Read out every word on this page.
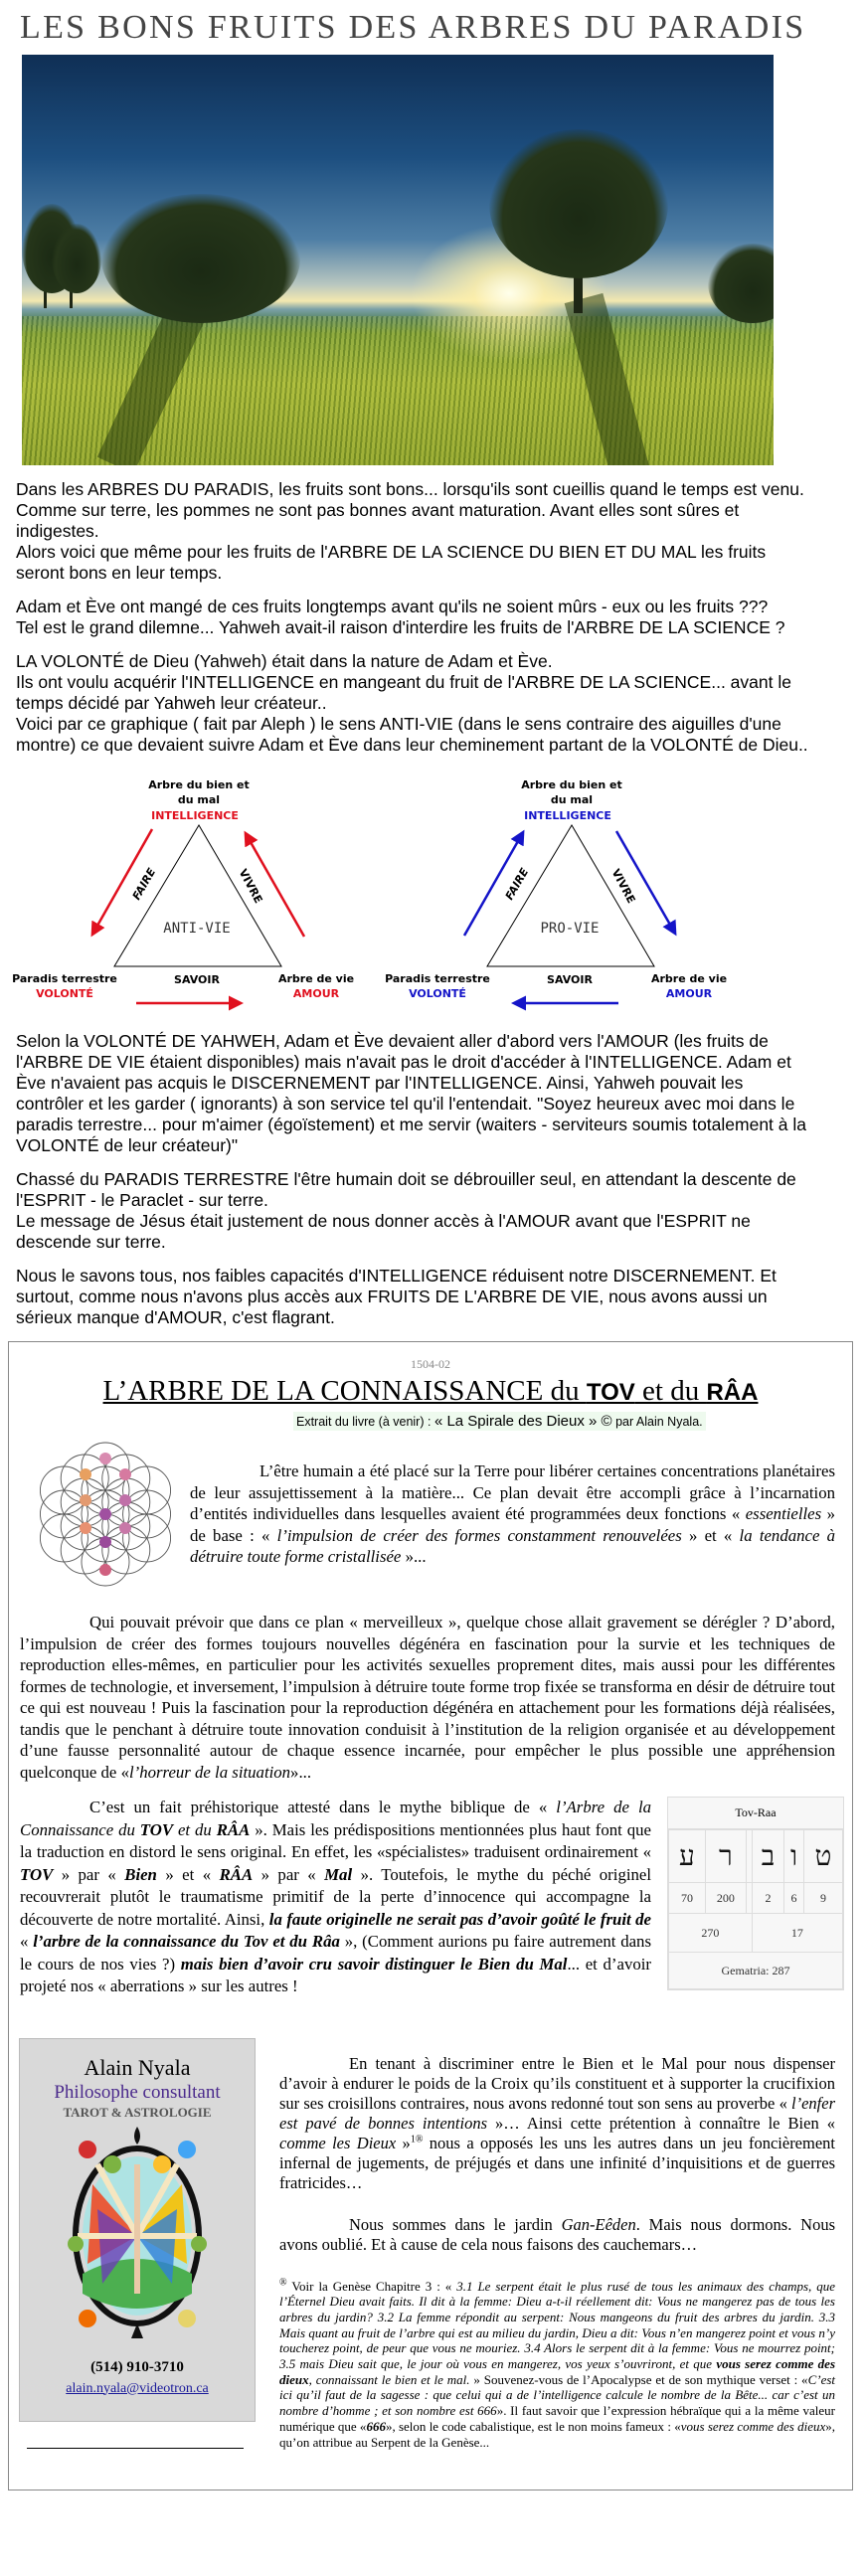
LES BONS FRUITS DES ARBRES DU PARADIS

Dans les ARBRES DU PARADIS, les fruits sont bons... lorsqu'ils sont cueillis quand le temps est venu.
Comme sur terre, les pommes ne sont pas bonnes avant maturation. Avant elles sont sûres et indigestes.
Alors voici que même pour les fruits de l'ARBRE DE LA SCIENCE DU BIEN ET DU MAL les fruits seront bons en leur temps.

Adam et Ève ont mangé de ces fruits longtemps avant qu'ils ne soient mûrs - eux ou les fruits ???
Tel est le grand dilemne... Yahweh avait-il raison d'interdire les fruits de l'ARBRE DE LA SCIENCE ?

LA VOLONTÉ de Dieu (Yahweh) était dans la nature de Adam et Ève.
Ils ont voulu acquérir l'INTELLIGENCE en mangeant du fruit de l'ARBRE DE LA SCIENCE... avant le temps décidé par Yahweh leur créateur..
Voici par ce graphique ( fait par Aleph ) le sens ANTI-VIE (dans le sens contraire des aiguilles d'une montre) ce que devaient suivre Adam et Ève dans leur cheminement partant de la VOLONTÉ de Dieu..

Arbre du bien et
du mal
INTELLIGENCE
FAIRE	VIVRE
ANTI-VIE
Paradis terrestre
VOLONTÉ
SAVOIR	Arbre de vie
AMOUR
Arbre du bien et
du mal
INTELLIGENCE
FAIRE	VIVRE
PRO-VIE
Paradis terrestre
VOLONTÉ
SAVOIR	Arbre de vie
AMOUR

Selon la VOLONTÉ DE YAHWEH, Adam et Ève devaient aller d'abord vers l'AMOUR (les fruits de l'ARBRE DE VIE étaient disponibles) mais n'avait pas le droit d'accéder à l'INTELLIGENCE. Adam et Ève n'avaient pas acquis le DISCERNEMENT par l'INTELLIGENCE. Ainsi, Yahweh pouvait les contrôler et les garder ( ignorants) à son service tel qu'il l'entendait. "Soyez heureux avec moi dans le paradis terrestre... pour m'aimer (égoïstement) et me servir (waiters - serviteurs soumis totalement à la VOLONTÉ de leur créateur)"

Chassé du PARADIS TERRESTRE l'être humain doit se débrouiller seul, en attendant la descente de l'ESPRIT - le Paraclet - sur terre.
Le message de Jésus était justement de nous donner accès à l'AMOUR avant que l'ESPRIT ne descende sur terre.

Nous le savons tous, nos faibles capacités d'INTELLIGENCE réduisent notre DISCERNEMENT. Et surtout, comme nous n'avons plus accès aux FRUITS DE L'ARBRE DE VIE, nous avons aussi un sérieux manque d'AMOUR, c'est flagrant.

1504-02
L’ARBRE DE LA CONNAISSANCE du TOV et du RÂA
Extrait du livre (à venir) : « La Spirale des Dieux » © par Alain Nyala.
L’être humain a été placé sur la Terre pour libérer certaines concentrations planétaires de leur assujettissement à la matière... Ce plan devait être accompli grâce à l’incarnation d’entités individuelles dans lesquelles avaient été programmées deux fonctions « essentielles » de base : « l’impulsion de créer des formes constamment renouvelées » et « la tendance à détruire toute forme cristallisée »...
Qui pouvait prévoir que dans ce plan « merveilleux », quelque chose allait gravement se dérégler ? D’abord, l’impulsion de créer des formes toujours nouvelles dégénéra en fascination pour la survie et les techniques de reproduction elles-mêmes, en particulier pour les activités sexuelles proprement dites, mais aussi pour les différentes formes de technologie, et inversement, l’impulsion à détruire toute forme trop fixée se transforma en désir de détruire tout ce qui est nouveau ! Puis la fascination pour la reproduction dégénéra en attachement pour les formations déjà réalisées, tandis que le penchant à détruire toute innovation conduisit à l’institution de la religion organisée et au développement d’une fausse personnalité autour de chaque essence incarnée, pour empêcher le plus possible une appréhension quelconque de «l’horreur de la situation»...
C’est un fait préhistorique attesté dans le mythe biblique de « l’Arbre de la Connaissance du TOV et du RÂA ». Mais les prédispositions mentionnées plus haut font que la traduction en distord le sens original. En effet, les «spécialistes» traduisent ordinairement « TOV » par « Bien » et « RÂA » par « Mal ». Toutefois, le mythe du péché originel recouvrerait plutôt le traumatisme primitif de la perte d’innocence qui accompagne la découverte de notre mortalité. Ainsi, la faute originelle ne serait pas d’avoir goûté le fruit de « l’arbre de la connaissance du Tov et du Râa », (Comment aurions pu faire autrement dans le cours de nos vies ?) mais bien d’avoir cru savoir distinguer le Bien du Mal... et d’avoir projeté nos « aberrations » sur les autres !
Tov-Raa
ע	ר		ב	ו	ט
70	200		2	6	9
270			17		
Gematria: 287					
Alain Nyala
Philosophe consultant
TAROT & ASTROLOGIE
(514) 910-3710
alain.nyala@videotron.ca
En tenant à discriminer entre le Bien et le Mal pour nous dispenser d’avoir à endurer le poids de la Croix qu’ils constituent et à supporter la crucifixion sur ses croisillons contraires, nous avons redonné tout son sens au proverbe « l’enfer est pavé de bonnes intentions »… Ainsi cette prétention à connaître le Bien « comme les Dieux »$^{1®}$ nous a opposés les uns les autres dans un jeu foncièrement infernal de jugements, de préjugés et dans une infinité d’inquisitions et de guerres fratricides…
Nous sommes dans le jardin Gan-Eêden. Mais nous dormons. Nous avons oublié. Et à cause de cela nous faisons des cauchemars…
® Voir la Genèse Chapitre 3 : « 3.1 Le serpent était le plus rusé de tous les animaux des champs, que l’Éternel Dieu avait faits. Il dit à la femme: Dieu a-t-il réellement dit: Vous ne mangerez pas de tous les arbres du jardin? 3.2 La femme répondit au serpent: Nous mangeons du fruit des arbres du jardin. 3.3 Mais quant au fruit de l’arbre qui est au milieu du jardin, Dieu a dit: Vous n’en mangerez point et vous n’y toucherez point, de peur que vous ne mouriez. 3.4 Alors le serpent dit à la femme: Vous ne mourrez point; 3.5 mais Dieu sait que, le jour où vous en mangerez, vos yeux s’ouvriront, et que vous serez comme des dieux, connaissant le bien et le mal. » Souvenez-vous de l’Apocalypse et de son mythique verset : «C’est ici qu’il faut de la sagesse : que celui qui a de l’intelligence calcule le nombre de la Bête... car c’est un nombre d’homme ; et son nombre est 666». Il faut savoir que l’expression hébraïque qui a la même valeur numérique que «666», selon le code cabalistique, est le non moins fameux : «vous serez comme des dieux», qu’on attribue au Serpent de la Genèse...
